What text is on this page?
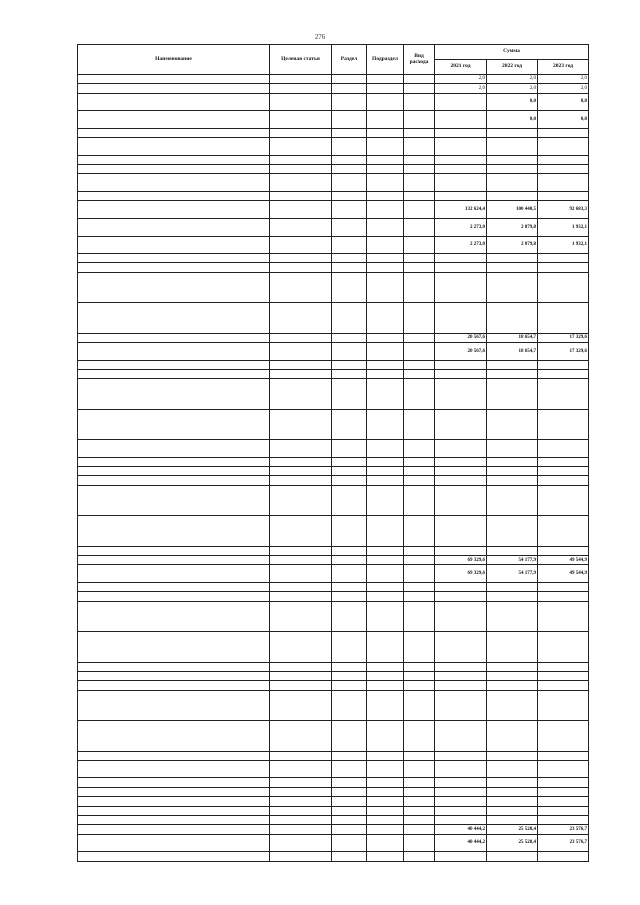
276
Наименование	Целевая статья	Раздел	Подраздел	Вид расхода	Сумма		
					2021 год	2022 год	2023 год
					2,0	2,0	2,0
					2,0	2,0	2,0
						0,0	0,0
						0,0	0,0

					132 624,4	100 440,5	92 683,3
					2 273,0	2 079,8	1 932,1
					2 273,0	2 079,8	1 932,1

					20 567,6	18 654,7	17 329,6
					20 567,6	18 654,7	17 329,6

					69 329,6	54 177,9	49 544,9
					69 329,6	54 177,9	49 544,9

					40 444,2	25 528,4	23 576,7
					40 444,2	25 528,4	23 576,7
